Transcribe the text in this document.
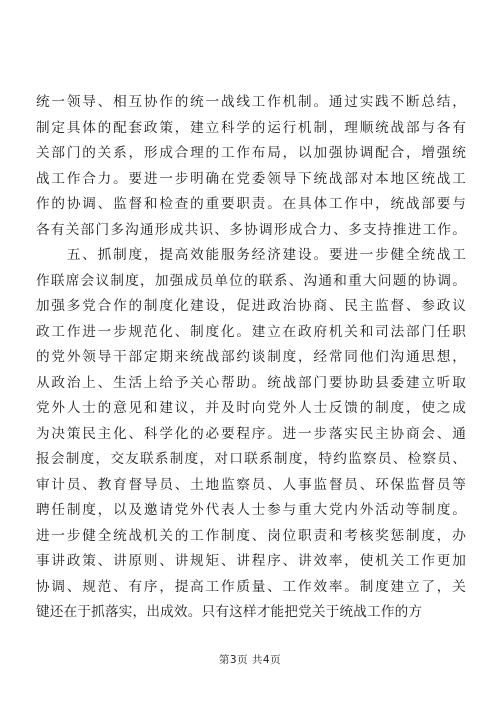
统一领导、相互协作的统一战线工作机制。通过实践不断总结，
制定具体的配套政策，建立科学的运行机制，理顺统战部与各有
关部门的关系，形成合理的工作布局，以加强协调配合，增强统
战工作合力。要进一步明确在党委领导下统战部对本地区统战工
作的协调、监督和检查的重要职责。在具体工作中，统战部要与
各有关部门多沟通形成共识、多协调形成合力、多支持推进工作。
　　五、抓制度，提高效能服务经济建设。要进一步健全统战工
作联席会议制度，加强成员单位的联系、沟通和重大问题的协调。
加强多党合作的制度化建设，促进政治协商、民主监督、参政议
政工作进一步规范化、制度化。建立在政府机关和司法部门任职
的党外领导干部定期来统战部约谈制度，经常同他们沟通思想，
从政治上、生活上给予关心帮助。统战部门要协助县委建立听取
党外人士的意见和建议，并及时向党外人士反馈的制度，使之成
为决策民主化、科学化的必要程序。进一步落实民主协商会、通
报会制度，交友联系制度，对口联系制度，特约监察员、检察员、
审计员、教育督导员、土地监察员、人事监督员、环保监督员等
聘任制度，以及邀请党外代表人士参与重大党内外活动等制度。
进一步健全统战机关的工作制度、岗位职责和考核奖惩制度，办
事讲政策、讲原则、讲规矩、讲程序、讲效率，使机关工作更加
协调、规范、有序，提高工作质量、工作效率。制度建立了，关
键还在于抓落实，出成效。只有这样才能把党关于统战工作的方
第3页 共4页
